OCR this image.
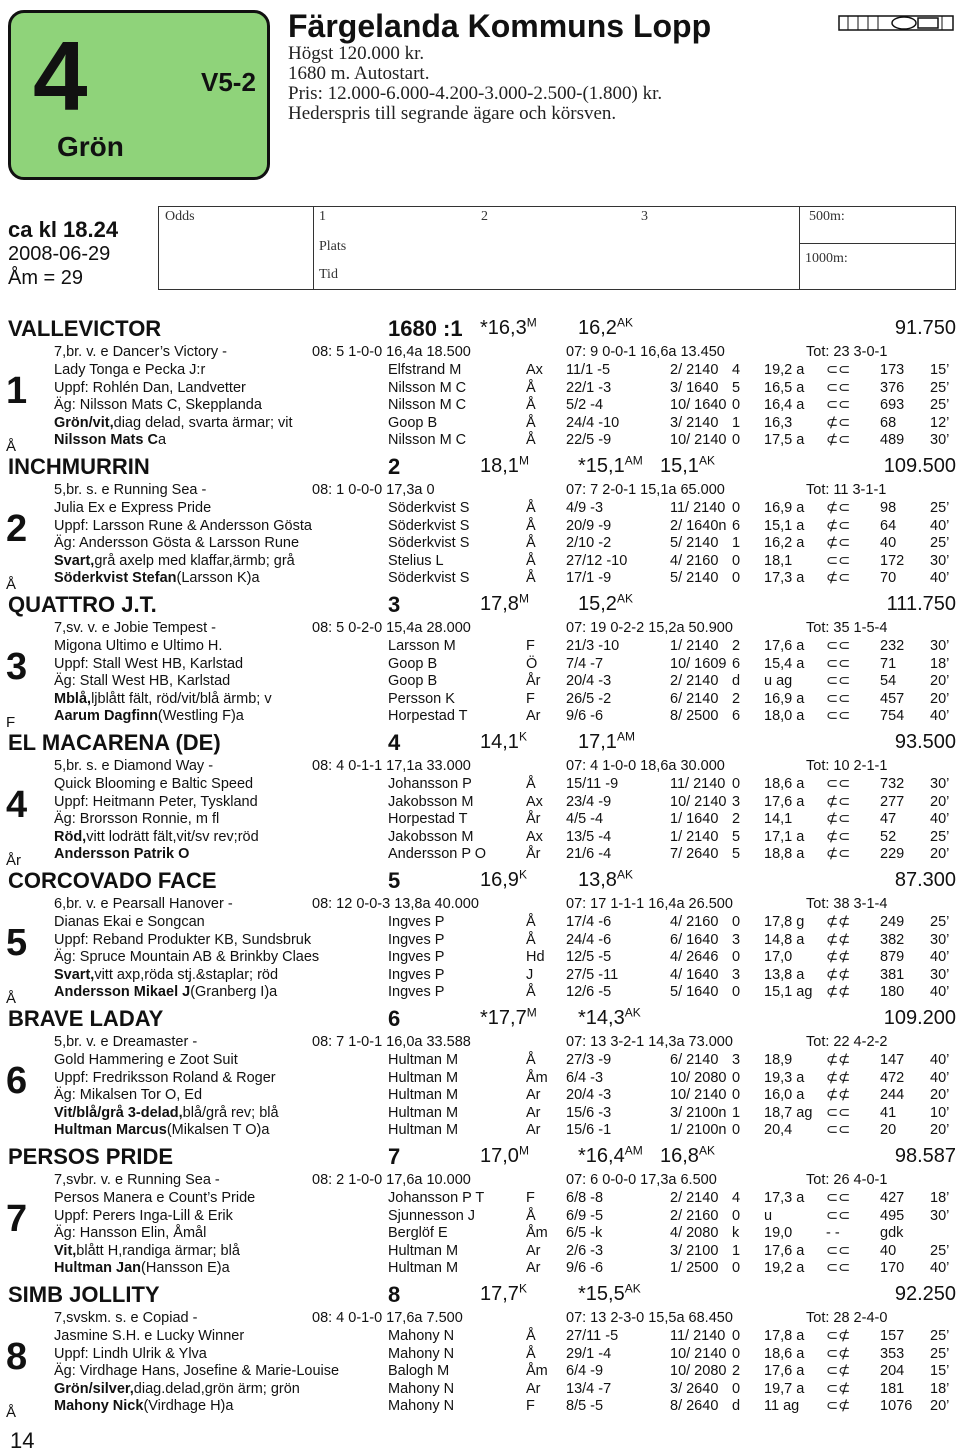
4	V5-2
Grön
Färgelanda Kommuns Lopp
Högst 120.000 kr.
1680 m. Autostart.
Pris: 12.000-6.000-4.200-3.000-2.500-(1.800) kr.
Hederspris till segrande ägare och körsven.
ca kl 18.24
2008-06-29
Åm = 29
Odds	1	2	3
Plats
Tid
500m:
1000m:
VALLEVICTOR	1680 :1 $*16,3^M$ $16,2^{AK}$	91.750
1
Å
7,br. v. e Dancer’s Victory -	08: 5 1-0-0 16,4a 18.500	07: 9 0-0-1 16,6a 13.450	Tot: 23 3-0-1
Lady Tonga e Pecka J:r	Elfstrand M	Ax 11/1 -5	2/ 2140 4 19,2 a ⊂⊂ 173 15’
Uppf: Rohlén Dan, Landvetter	Nilsson M C	Å 22/1 -3	3/ 1640 5 16,5 a ⊂⊂ 376 25’
Äg: Nilsson Mats C, Skepplanda	Nilsson M C	Å 5/2 -4	10/ 1640 0 16,4 a ⊂⊂ 693 25’
Grön/vit, diag delad, svarta ärmar; vit	Goop B	Å 24/4 -10	3/ 2140 1 16,3 ⊄⊂ 68 12’
Nilsson Mats C a	Nilsson M C	Å 22/5 -9	10/ 2140 0 17,5 a ⊄⊂ 489 30’
INCHMURRIN	2	$18,1^M$ $*15,1^{AM}$ $15,1^{AK}$	109.500
2
Å
5,br. s. e Running Sea -	08: 1 0-0-0 17,3a 0	07: 7 2-0-1 15,1a 65.000	Tot: 11 3-1-1
Julia Ex e Express Pride	Söderkvist S	Å 4/9 -3	11/ 2140 0 16,9 a ⊄⊂ 98 25’
Uppf: Larsson Rune & Andersson Gösta	Söderkvist S	Å 20/9 -9	2/ 1640n 6 15,1 a ⊄⊂ 64 40’
Äg: Andersson Gösta & Larsson Rune	Söderkvist S	Å 2/10 -2	5/ 2140 1 16,2 a ⊄⊂ 40 25’
Svart, grå axelp med klaffar,ärmb; grå	Stelius L	Å 27/12 -10	4/ 2160 0 18,1 ⊂⊂ 172 30’
Söderkvist Stefan (Larsson K)a	Söderkvist S	Å 17/1 -9	5/ 2140 0 17,3 a ⊄⊂ 70 40’
QUATTRO J.T.	3	$17,8^M$ $15,2^{AK}$	111.750
3
F
7,sv. v. e Jobie Tempest -	08: 5 0-2-0 15,4a 28.000	07: 19 0-2-2 15,2a 50.900	Tot: 35 1-5-4
Migona Ultimo e Ultimo H.	Larsson M	F 21/3 -10	1/ 2140 2 17,6 a ⊂⊂ 232 30’
Uppf: Stall West HB, Karlstad	Goop B	Ö 7/4 -7	10/ 1609 6 15,4 a ⊂⊂ 71 18’
Äg: Stall West HB, Karlstad	Goop B	År 20/4 -3	2/ 2140 d u ag ⊂⊂ 54 20’
Mblå, ljblått fält, röd/vit/blå ärmb; v	Persson K	F 26/5 -2	6/ 2140 2 16,9 a ⊂⊂ 457 20’
Aarum Dagfinn (Westling F)a	Horpestad T	Ar 9/6 -6	8/ 2500 6 18,0 a ⊂⊂ 754 40’
EL MACARENA (DE)	4	$14,1^K$	$17,1^{AM}$	93.500
4
År
5,br. s. e Diamond Way -	08: 4 0-1-1 17,1a 33.000	07: 4 1-0-0 18,6a 30.000	Tot: 10 2-1-1
Quick Blooming e Baltic Speed	Johansson P	Å 15/11 -9	11/ 2140 0 18,6 a ⊂⊂ 732 30’
Uppf: Heitmann Peter, Tyskland	Jakobsson M	Ax 23/4 -9	10/ 2140 3 17,6 a ⊄⊂ 277 20’
Äg: Brorsson Ronnie, m fl	Horpestad T	År 4/5 -4	1/ 1640 2 14,1 ⊄⊂ 47 40’
Röd, vitt lodrätt fält,vit/sv rev;röd	Jakobsson M	Ax 13/5 -4	1/ 2140 5 17,1 a ⊄⊂ 52 25’
Andersson Patrik O	Andersson P O	År 21/6 -4	7/ 2640 5 18,8 a ⊄⊂ 229 20’
CORCOVADO FACE	5	$16,9^K$	$13,8^{AK}$	87.300
5
Å
6,br. v. e Pearsall Hanover -	08: 12 0-0-3 13,8a 40.000	07: 17 1-1-1 16,4a 26.500	Tot: 38 3-1-4
Dianas Ekai e Songcan	Ingves P	Å 17/4 -6	4/ 2160 0 17,8 g ⊄⊄ 249 25’
Uppf: Reband Produkter KB, Sundsbruk	Ingves P	Å 24/4 -6	6/ 1640 3 14,8 a ⊄⊄ 382 30’
Äg: Spruce Mountain AB & Brinkby Claes	Ingves P	Hd 12/5 -5	4/ 2646 0 17,0 ⊄⊄ 879 40’
Svart, vitt axp,röda stj.&staplar; röd	Ingves P	J 27/5 -11	4/ 1640 3 13,8 a ⊄⊄ 381 30’
Andersson Mikael J (Granberg I)a	Ingves P	Å 12/6 -5	5/ 1640 0 15,1 ag ⊄⊄ 180 40’
BRAVE LADAY	6	$*17,7^M$ $*14,3^{AK}$	109.200
6
5,br. v. e Dreamaster -	08: 7 1-0-1 16,0a 33.588	07: 13 3-2-1 14,3a 73.000	Tot: 22 4-2-2
Gold Hammering e Zoot Suit	Hultman M	Å 27/3 -9	6/ 2140 3 18,9 ⊄⊄ 147 40’
Uppf: Fredriksson Roland & Roger	Hultman M	Åm 6/4 -3	10/ 2080 0 19,3 a ⊄⊄ 472 40’
Äg: Mikalsen Tor O, Ed	Hultman M	Ar 20/4 -3	10/ 2140 0 16,0 a ⊄⊄ 244 20’
Vit/blå/grå 3-delad, blå/grå rev; blå	Hultman M	Ar 15/6 -3	3/ 2100n 1 18,7 ag ⊂⊂ 41 10’
Hultman Marcus (Mikalsen T O)a	Hultman M	Ar 15/6 -1	1/ 2100n 0 20,4 ⊂⊂ 20 20’
PERSOS PRIDE	7	$17,0^M$ $*16,4^{AM}$ $16,8^{AK}$	98.587
7
7,svbr. v. e Running Sea -	08: 2 1-0-0 17,6a 10.000	07: 6 0-0-0 17,3a 6.500	Tot: 26 4-0-1
Persos Manera e Count’s Pride	Johansson P T	F 6/8 -8	2/ 2140 4 17,3 a ⊂⊂ 427 18’
Uppf: Perers Inga-Lill & Erik	Sjunnesson J	Å 6/9 -5	2/ 2160 0 u	⊂⊂ 495 30’
Äg: Hansson Elin, Åmål	Berglöf E	Åm 6/5 -k	4/ 2080 k 19,0 - -	gdk
Vit, blått H,randiga ärmar; blå	Hultman M	Ar 2/6 -3	3/ 2100 1 17,6 a ⊂⊂ 40 25’
Hultman Jan (Hansson E)a	Hultman M	Ar 9/6 -6	1/ 2500 0 19,2 a ⊂⊂ 170 40’
SIMB JOLLITY	8	$17,7^K$	$*15,5^{AK}$	92.250
8
Å
7,svskm. s. e Copiad -	08: 4 0-1-0 17,6a 7.500	07: 13 2-3-0 15,5a 68.450	Tot: 28 2-4-0
Jasmine S.H. e Lucky Winner	Mahony N	Å 27/11 -5	11/ 2140 0 17,8 a ⊂⊄ 157 25’
Uppf: Lindh Ulrik & Ylva	Mahony N	Å 29/1 -4	10/ 2140 0 18,6 a ⊂⊄ 353 25’
Äg: Virdhage Hans, Josefine & Marie-Louise	Balogh M	Åm 6/4 -9	10/ 2080 2 17,6 a ⊂⊄ 204 15’
Grön/silver, diag.delad,grön ärm; grön	Mahony N	Ar 13/4 -7	3/ 2640 0 19,7 a ⊂⊄ 181 18’
Mahony Nick (Virdhage H)a	Mahony N	F 8/5 -5	8/ 2640 d 11 ag ⊂⊄ 1076 20’
14
